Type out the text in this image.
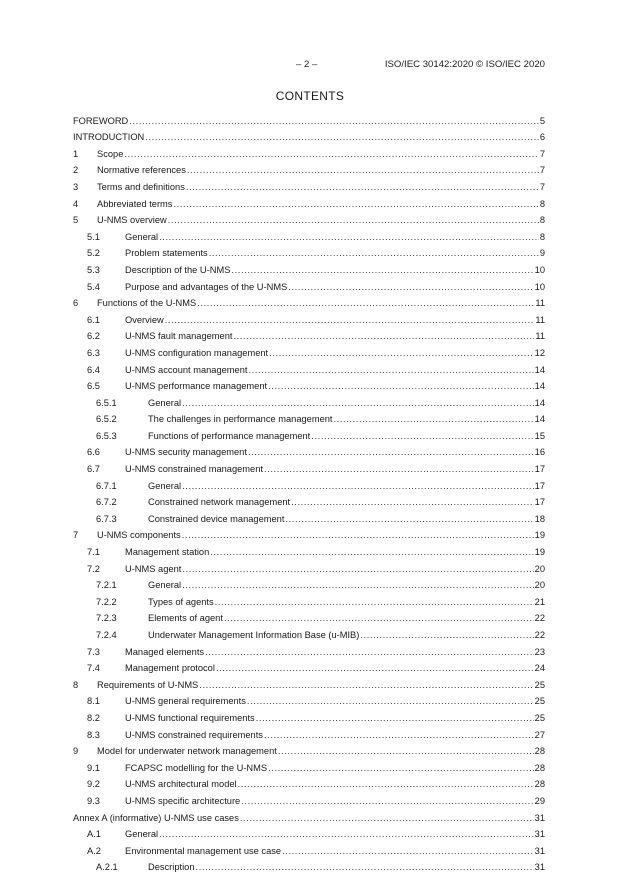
– 2 –	ISO/IEC 30142:2020 © ISO/IEC 2020
CONTENTS
FOREWORD .....	5
INTRODUCTION .....	6
1	Scope .....	7
2	Normative references .....	7
3	Terms and definitions .....	7
4	Abbreviated terms .....	8
5	U-NMS overview .....	8
5.1	General .....	8
5.2	Problem statements .....	9
5.3	Description of the U-NMS .....	10
5.4	Purpose and advantages of the U-NMS .....	10
6	Functions of the U-NMS .....	11
6.1	Overview .....	11
6.2	U-NMS fault management .....	11
6.3	U-NMS configuration management .....	12
6.4	U-NMS account management .....	14
6.5	U-NMS performance management .....	14
6.5.1	General .....	14
6.5.2	The challenges in performance management .....	14
6.5.3	Functions of performance management .....	15
6.6	U-NMS security management .....	16
6.7	U-NMS constrained management .....	17
6.7.1	General .....	17
6.7.2	Constrained network management .....	17
6.7.3	Constrained device management .....	18
7	U-NMS components .....	19
7.1	Management station .....	19
7.2	U-NMS agent .....	20
7.2.1	General .....	20
7.2.2	Types of agents .....	21
7.2.3	Elements of agent .....	22
7.2.4	Underwater Management Information Base (u-MIB) .....	22
7.3	Managed elements .....	23
7.4	Management protocol .....	24
8	Requirements of U-NMS .....	25
8.1	U-NMS general requirements .....	25
8.2	U-NMS functional requirements .....	25
8.3	U-NMS constrained requirements .....	27
9	Model for underwater network management .....	28
9.1	FCAPSC modelling for the U-NMS .....	28
9.2	U-NMS architectural model .....	28
9.3	U-NMS specific architecture .....	29
Annex A (informative) U-NMS use cases .....	31
A.1	General .....	31
A.2	Environmental management use case .....	31
A.2.1	Description .....	31
